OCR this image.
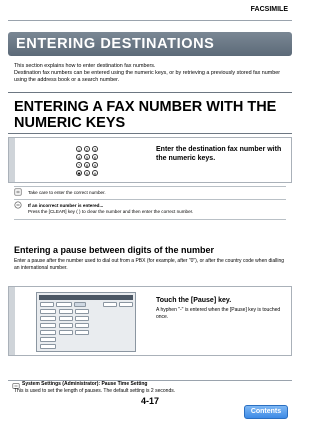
FACSIMILE
ENTERING DESTINATIONS
This section explains how to enter destination fax numbers.
Destination fax numbers can be entered using the numeric keys, or by retrieving a previously stored fax number using the address book or a search number.
ENTERING A FAX NUMBER WITH THE NUMERIC KEYS
1	2	3
4	5	6
7	8	9
✱	0	#
Enter the destination fax number with the numeric keys.
Take care to enter the correct number.
If an incorrect number is entered...
Press the [CLEAR] key ( ) to clear the number and then enter the correct number.
Entering a pause between digits of the number
Enter a pause after the number used to dial out from a PBX (for example, after "0"), or after the country code when dialling an international number.
Touch the [Pause] key.
A hyphen "-" is entered when the [Pause] key is touched once.
System Settings (Administrator): Pause Time Setting
This is used to set the length of pauses. The default setting is 2 seconds.
4-17
Contents
